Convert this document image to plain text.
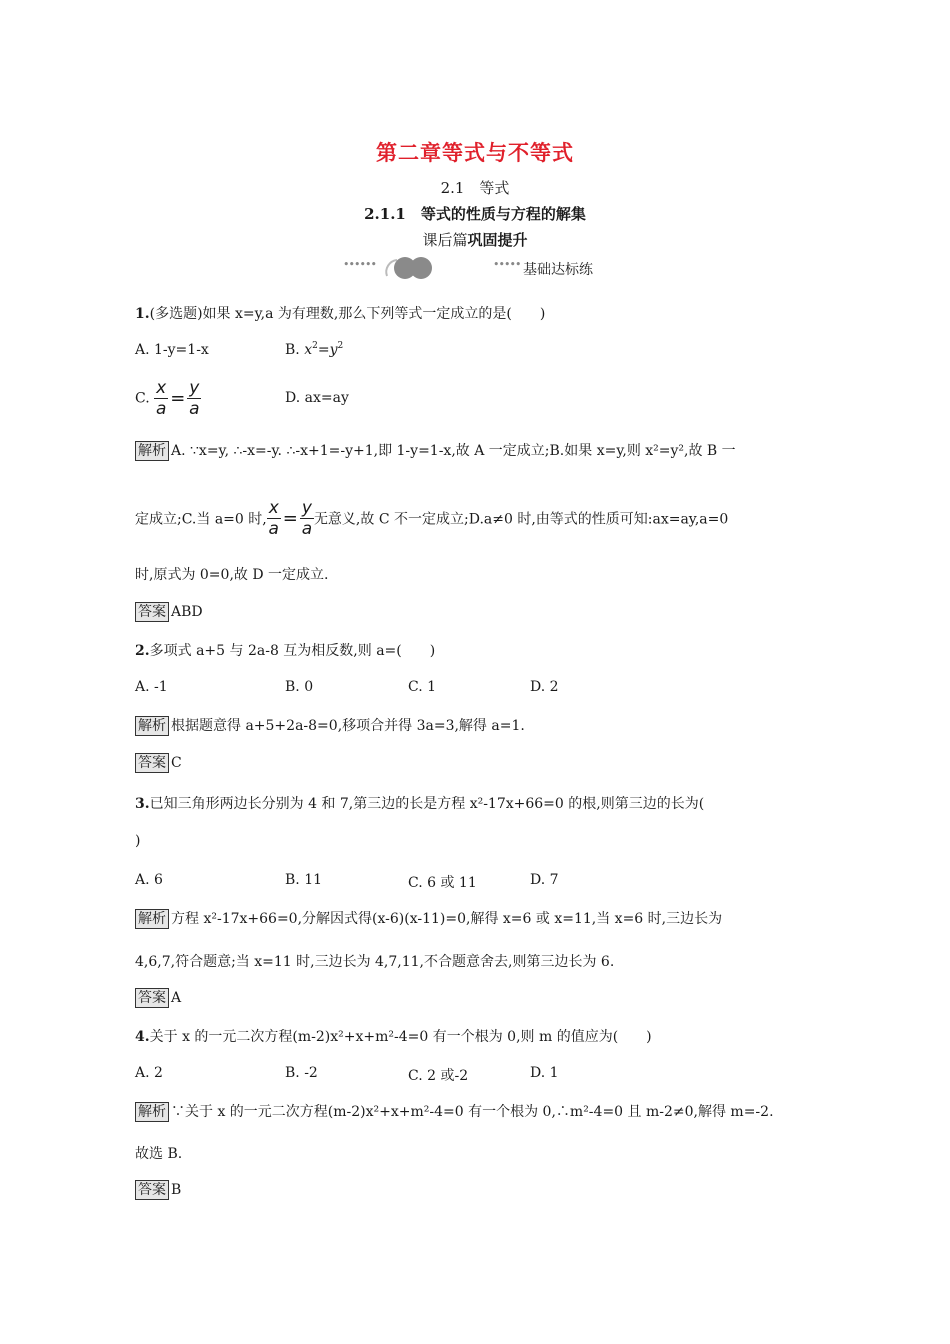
第二章等式与不等式
2.1　等式
2.1.1　等式的性质与方程的解集
课后篇巩固提升
••••••	••••• 基础达标练
1.(多选题)如果 x=y,a 为有理数,那么下列等式一定成立的是(　　)
A. 1-y=1-x	B. $x^2=y^2$
C. $\frac{x}{a} = \frac{y}{a}$	D. ax=ay
解析 A. ∵x=y, ∴-x=-y. ∴-x+1=-y+1,即 1-y=1-x,故 A 一定成立;B.如果 x=y,则 x²=y²,故 B 一
定成立;C.当 a=0 时, $\frac{x}{a} = \frac{y}{a}$ 无意义,故 C 不一定成立;D.a≠0 时,由等式的性质可知:ax=ay,a=0
时,原式为 0=0,故 D 一定成立.
答案 ABD
2.多项式 a+5 与 2a-8 互为相反数,则 a=(　　)
A. -1	B. 0	C. 1	D. 2
解析 根据题意得 a+5+2a-8=0,移项合并得 3a=3,解得 a=1.
答案 C
3.已知三角形两边长分别为 4 和 7,第三边的长是方程 x²-17x+66=0 的根,则第三边的长为(
)
A. 6	B. 11	C. 6 或 11	D. 7
解析 方程 x²-17x+66=0,分解因式得(x-6)(x-11)=0,解得 x=6 或 x=11,当 x=6 时,三边长为
4,6,7,符合题意;当 x=11 时,三边长为 4,7,11,不合题意舍去,则第三边长为 6.
答案 A
4.关于 x 的一元二次方程(m-2)x²+x+m²-4=0 有一个根为 0,则 m 的值应为(　　)
A. 2	B. -2	C. 2 或-2	D. 1
解析 ∵关于 x 的一元二次方程(m-2)x²+x+m²-4=0 有一个根为 0,∴m²-4=0 且 m-2≠0,解得 m=-2.
故选 B.
答案 B
